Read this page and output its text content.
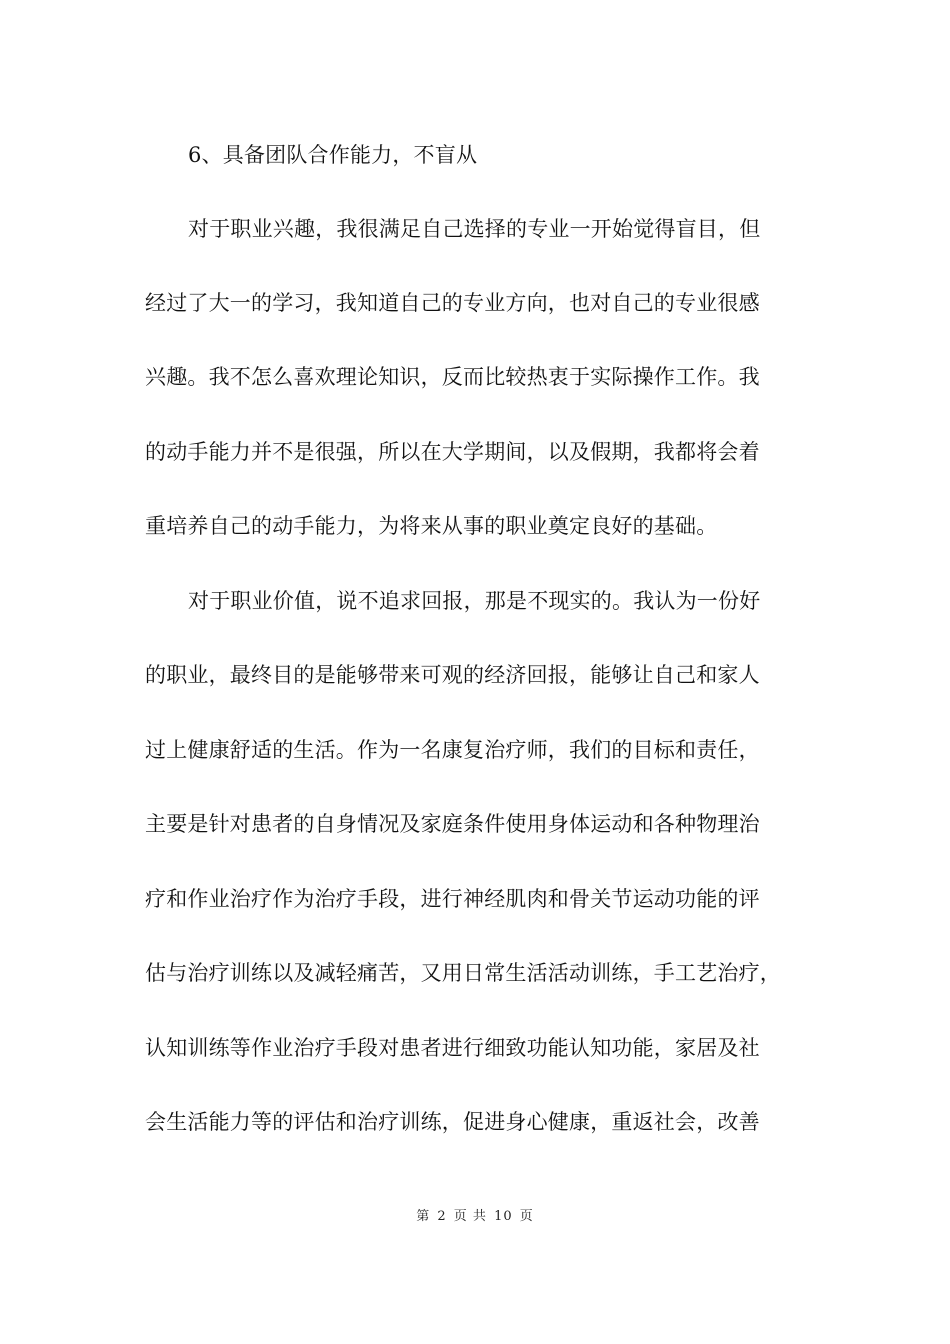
6、具备团队合作能力，不盲从
对于职业兴趣，我很满足自己选择的专业一开始觉得盲目，但
经过了大一的学习，我知道自己的专业方向，也对自己的专业很感
兴趣。我不怎么喜欢理论知识，反而比较热衷于实际操作工作。我
的动手能力并不是很强，所以在大学期间，以及假期，我都将会着
重培养自己的动手能力，为将来从事的职业奠定良好的基础。
对于职业价值，说不追求回报，那是不现实的。我认为一份好
的职业，最终目的是能够带来可观的经济回报，能够让自己和家人
过上健康舒适的生活。作为一名康复治疗师，我们的目标和责任，
主要是针对患者的自身情况及家庭条件使用身体运动和各种物理治
疗和作业治疗作为治疗手段，进行神经肌肉和骨关节运动功能的评
估与治疗训练以及减轻痛苦，又用日常生活活动训练，手工艺治疗，
认知训练等作业治疗手段对患者进行细致功能认知功能，家居及社
会生活能力等的评估和治疗训练，促进身心健康，重返社会，改善
第 2 页 共 10 页
